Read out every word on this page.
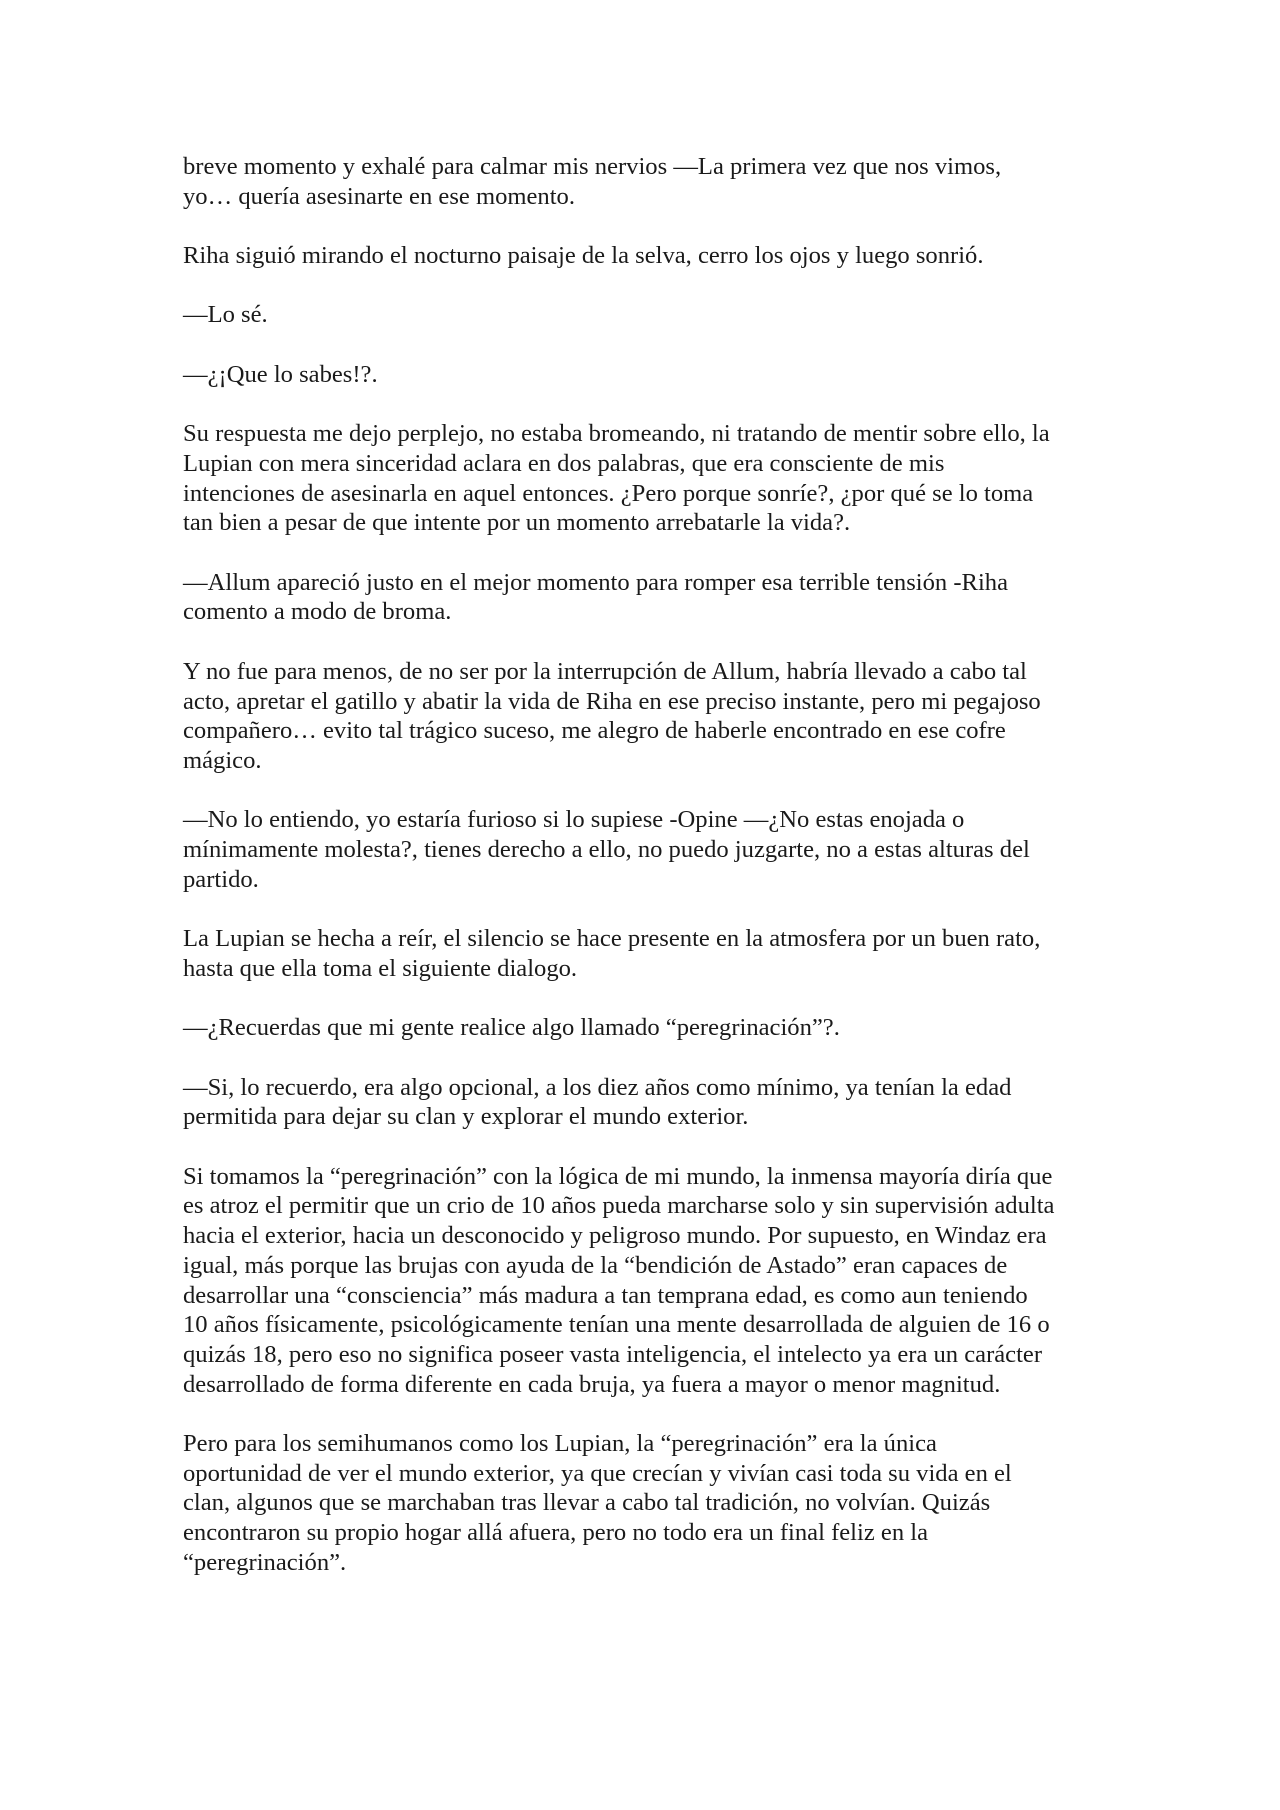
breve momento y exhalé para calmar mis nervios —La primera vez que nos vimos,
yo… quería asesinarte en ese momento.

Riha siguió mirando el nocturno paisaje de la selva, cerro los ojos y luego sonrió.

—Lo sé.

—¿¡Que lo sabes!?.

Su respuesta me dejo perplejo, no estaba bromeando, ni tratando de mentir sobre ello, la
Lupian con mera sinceridad aclara en dos palabras, que era consciente de mis
intenciones de asesinarla en aquel entonces. ¿Pero porque sonríe?, ¿por qué se lo toma
tan bien a pesar de que intente por un momento arrebatarle la vida?.

—Allum apareció justo en el mejor momento para romper esa terrible tensión -Riha
comento a modo de broma.

Y no fue para menos, de no ser por la interrupción de Allum, habría llevado a cabo tal
acto, apretar el gatillo y abatir la vida de Riha en ese preciso instante, pero mi pegajoso
compañero… evito tal trágico suceso, me alegro de haberle encontrado en ese cofre
mágico.

—No lo entiendo, yo estaría furioso si lo supiese -Opine —¿No estas enojada o
mínimamente molesta?, tienes derecho a ello, no puedo juzgarte, no a estas alturas del
partido.

La Lupian se hecha a reír, el silencio se hace presente en la atmosfera por un buen rato,
hasta que ella toma el siguiente dialogo.

—¿Recuerdas que mi gente realice algo llamado “peregrinación”?.

—Si, lo recuerdo, era algo opcional, a los diez años como mínimo, ya tenían la edad
permitida para dejar su clan y explorar el mundo exterior.

Si tomamos la “peregrinación” con la lógica de mi mundo, la inmensa mayoría diría que
es atroz el permitir que un crio de 10 años pueda marcharse solo y sin supervisión adulta
hacia el exterior, hacia un desconocido y peligroso mundo. Por supuesto, en Windaz era
igual, más porque las brujas con ayuda de la “bendición de Astado” eran capaces de
desarrollar una “consciencia” más madura a tan temprana edad, es como aun teniendo
10 años físicamente, psicológicamente tenían una mente desarrollada de alguien de 16 o
quizás 18, pero eso no significa poseer vasta inteligencia, el intelecto ya era un carácter
desarrollado de forma diferente en cada bruja, ya fuera a mayor o menor magnitud.

Pero para los semihumanos como los Lupian, la “peregrinación” era la única
oportunidad de ver el mundo exterior, ya que crecían y vivían casi toda su vida en el
clan, algunos que se marchaban tras llevar a cabo tal tradición, no volvían. Quizás
encontraron su propio hogar allá afuera, pero no todo era un final feliz en la
“peregrinación”.
